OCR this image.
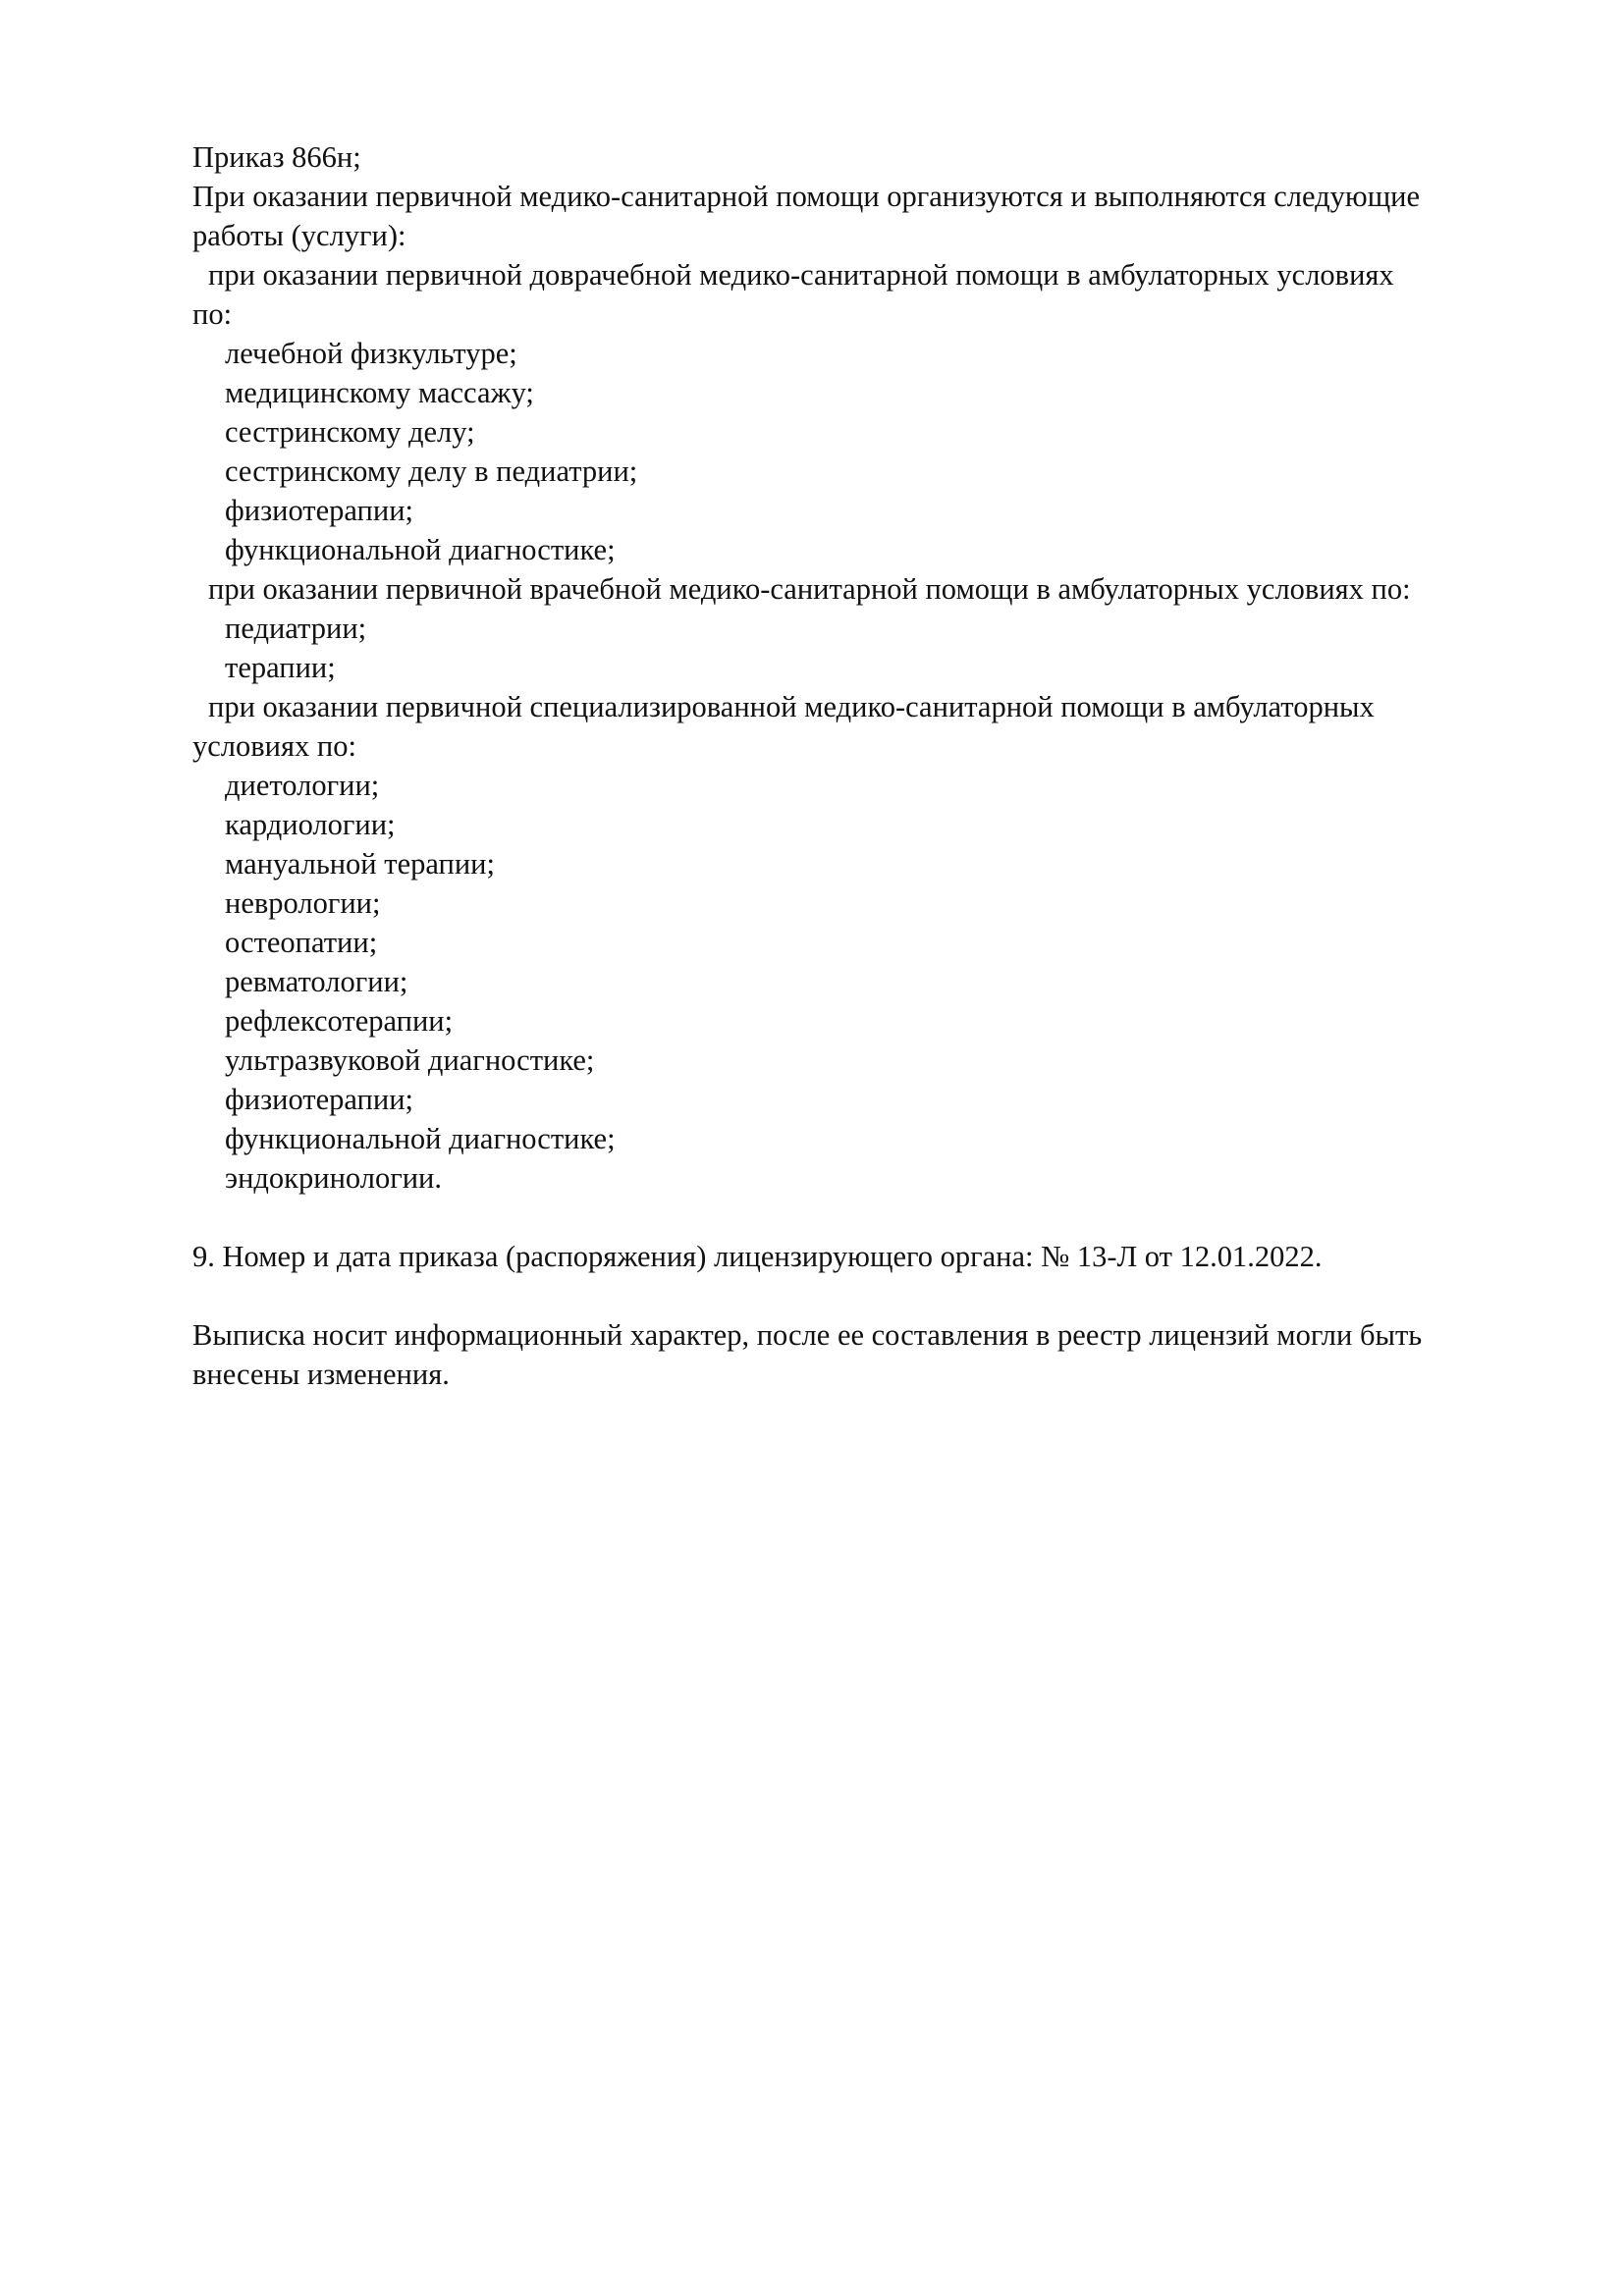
Приказ 866н;
При оказании первичной медико-санитарной помощи организуются и выполняются следующие
работы (услуги):
при оказании первичной доврачебной медико-санитарной помощи в амбулаторных условиях
по:
лечебной физкультуре;
медицинскому массажу;
сестринскому делу;
сестринскому делу в педиатрии;
физиотерапии;
функциональной диагностике;
при оказании первичной врачебной медико-санитарной помощи в амбулаторных условиях по:
педиатрии;
терапии;
при оказании первичной специализированной медико-санитарной помощи в амбулаторных
условиях по:
диетологии;
кардиологии;
мануальной терапии;
неврологии;
остеопатии;
ревматологии;
рефлексотерапии;
ультразвуковой диагностике;
физиотерапии;
функциональной диагностике;
эндокринологии.
9. Номер и дата приказа (распоряжения) лицензирующего органа: № 13-Л от 12.01.2022.
Выписка носит информационный характер, после ее составления в реестр лицензий могли быть
внесены изменения.
